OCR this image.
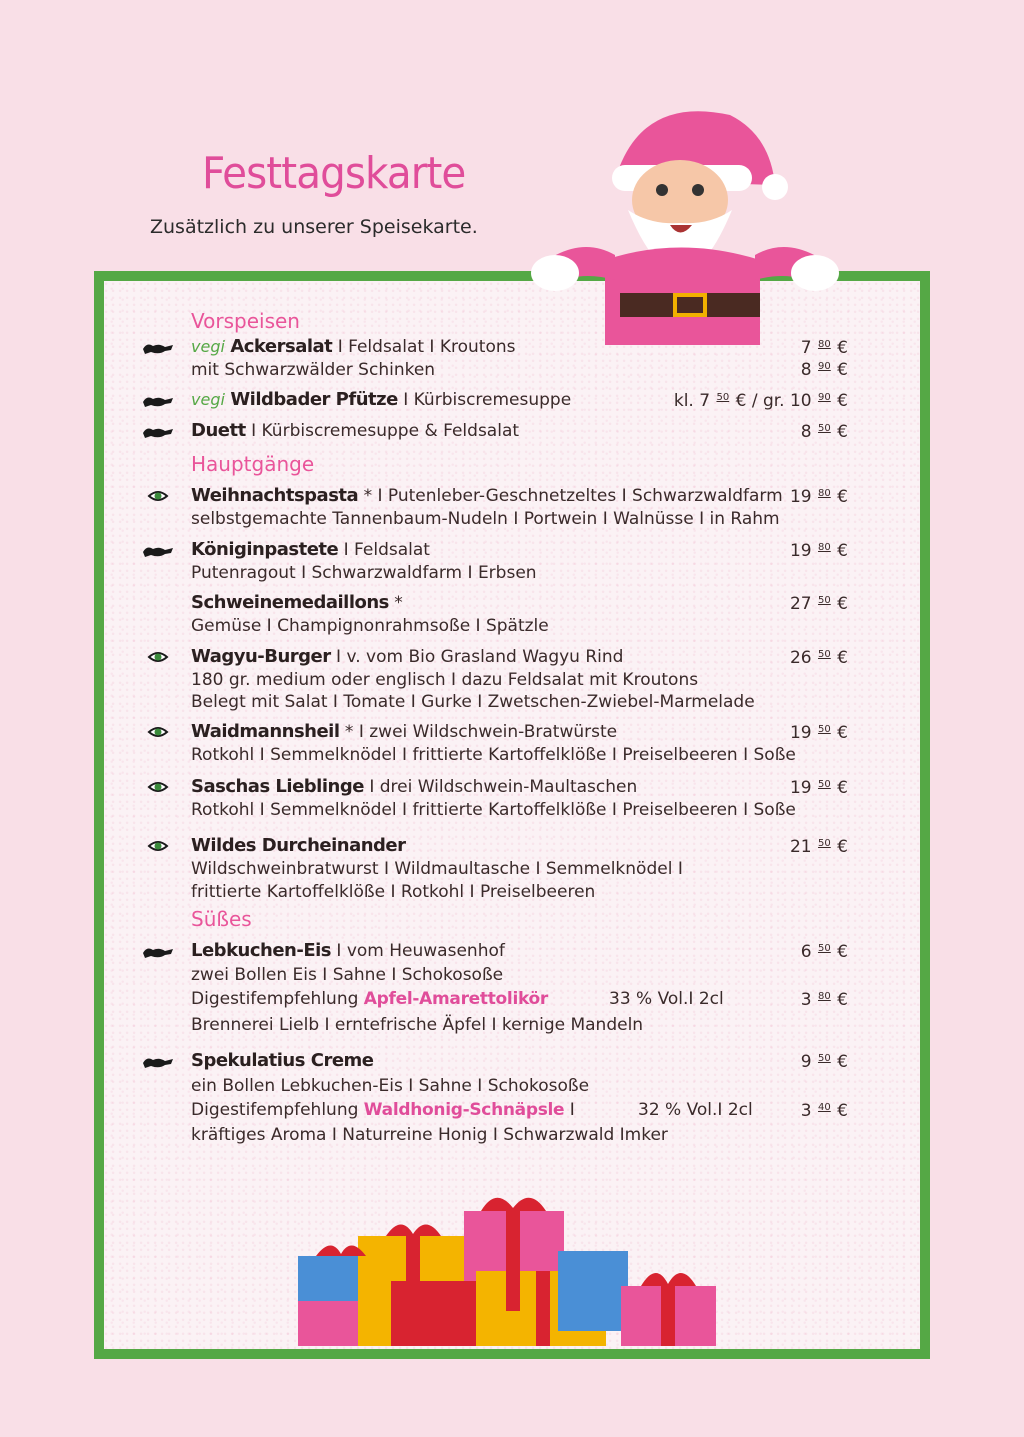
Festtagskarte
Zusätzlich zu unserer Speisekarte.
Vorspeisen
vegi Ackersalat I Feldsalat I Kroutons	7 $^{80}$ €
mit Schwarzwälder Schinken	8 $^{90}$ €
vegi Wildbader Pfütze I Kürbiscremesuppe	kl. 7 $^{50}$ € / gr. 10 $^{90}$ €
Duett I Kürbiscremesuppe & Feldsalat	8 $^{50}$ €
Hauptgänge
Weihnachtspasta * I Putenleber-Geschnetzeltes I Schwarzwaldfarm 19 $^{80}$ €
selbstgemachte Tannenbaum-Nudeln I Portwein I Walnüsse I in Rahm
Königinpastete I Feldsalat	19 $^{80}$ €
Putenragout I Schwarzwaldfarm I Erbsen
Schweinemedaillons *	27 $^{50}$ €
Gemüse I Champignonrahmsoße I Spätzle
Wagyu-Burger I v. vom Bio Grasland Wagyu Rind	26 $^{50}$ €
180 gr. medium oder englisch I dazu Feldsalat mit Kroutons
Belegt mit Salat I Tomate I Gurke I Zwetschen-Zwiebel-Marmelade
Waidmannsheil * I zwei Wildschwein-Bratwürste	19 $^{50}$ €
Rotkohl I Semmelknödel I frittierte Kartoffelklöße I Preiselbeeren I Soße
Saschas Lieblinge I drei Wildschwein-Maultaschen	19 $^{50}$ €
Rotkohl I Semmelknödel I frittierte Kartoffelklöße I Preiselbeeren I Soße
Wildes Durcheinander	21 $^{50}$ €
Wildschweinbratwurst I Wildmaultasche I Semmelknödel I
frittierte Kartoffelklöße I Rotkohl I Preiselbeeren
Süßes
Lebkuchen-Eis I vom Heuwasenhof	6 $^{50}$ €
zwei Bollen Eis I Sahne I Schokosoße
Digestifempfehlung Apfel-Amarettolikör	33 % Vol.I 2cl	3 $^{80}$ €
Brennerei Lielb I erntefrische Äpfel I kernige Mandeln
Spekulatius Creme	9 $^{50}$ €
ein Bollen Lebkuchen-Eis I Sahne I Schokosoße
Digestifempfehlung Waldhonig-Schnäpsle I	32 % Vol.I 2cl	3 $^{40}$ €
kräftiges Aroma I Naturreine Honig I Schwarzwald Imker
